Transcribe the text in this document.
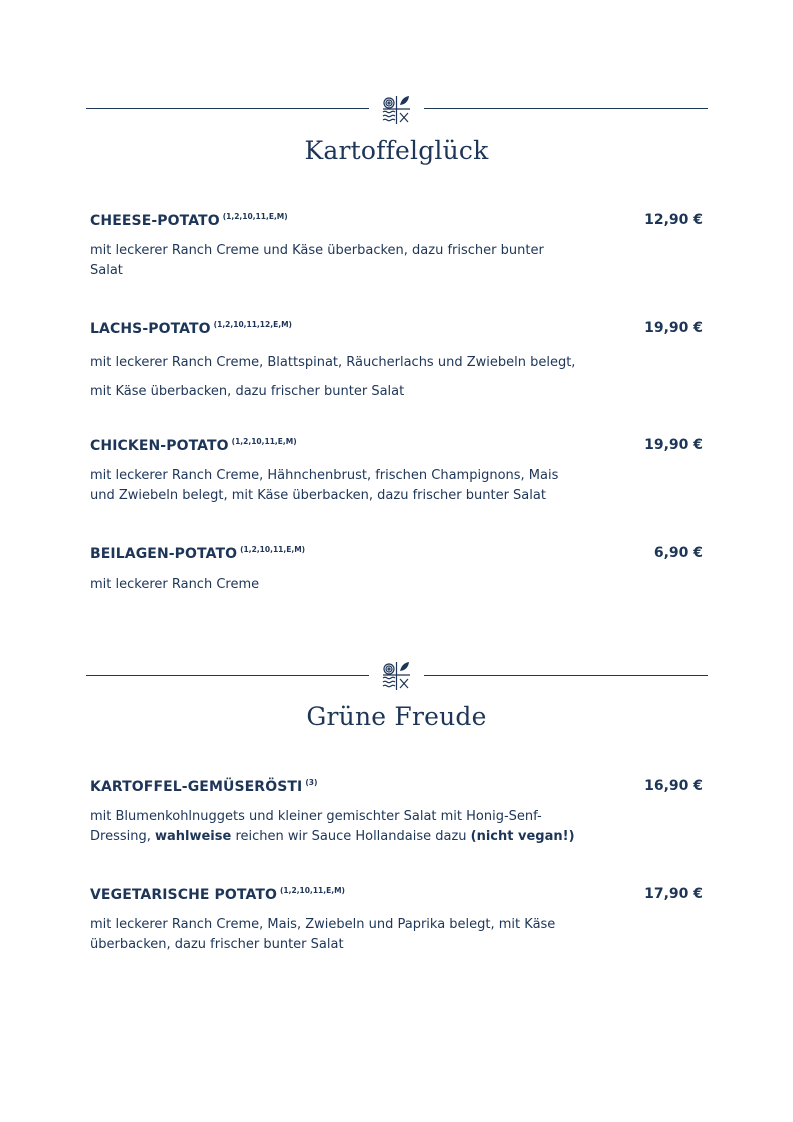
Kartoffelglück
CHEESE-POTATO $^{(1,2,10,11,E,M)}$	12,90 €
mit leckerer Ranch Creme und Käse überbacken, dazu frischer bunter
Salat
LACHS-POTATO $^{(1,2,10,11,12,E,M)}$	19,90 €
mit leckerer Ranch Creme, Blattspinat, Räucherlachs und Zwiebeln belegt,
mit Käse überbacken, dazu frischer bunter Salat
CHICKEN-POTATO $^{(1,2,10,11,E,M)}$	19,90 €
mit leckerer Ranch Creme, Hähnchenbrust, frischen Champignons, Mais
und Zwiebeln belegt, mit Käse überbacken, dazu frischer bunter Salat
BEILAGEN-POTATO $^{(1,2,10,11,E,M)}$	6,90 €
mit leckerer Ranch Creme
Grüne Freude
KARTOFFEL-GEMÜSERÖSTI $^{(3)}$	16,90 €
mit Blumenkohlnuggets und kleiner gemischter Salat mit Honig-Senf-
Dressing, wahlweise reichen wir Sauce Hollandaise dazu (nicht vegan!)
VEGETARISCHE POTATO $^{(1,2,10,11,E,M)}$	17,90 €
mit leckerer Ranch Creme, Mais, Zwiebeln und Paprika belegt, mit Käse
überbacken, dazu frischer bunter Salat
